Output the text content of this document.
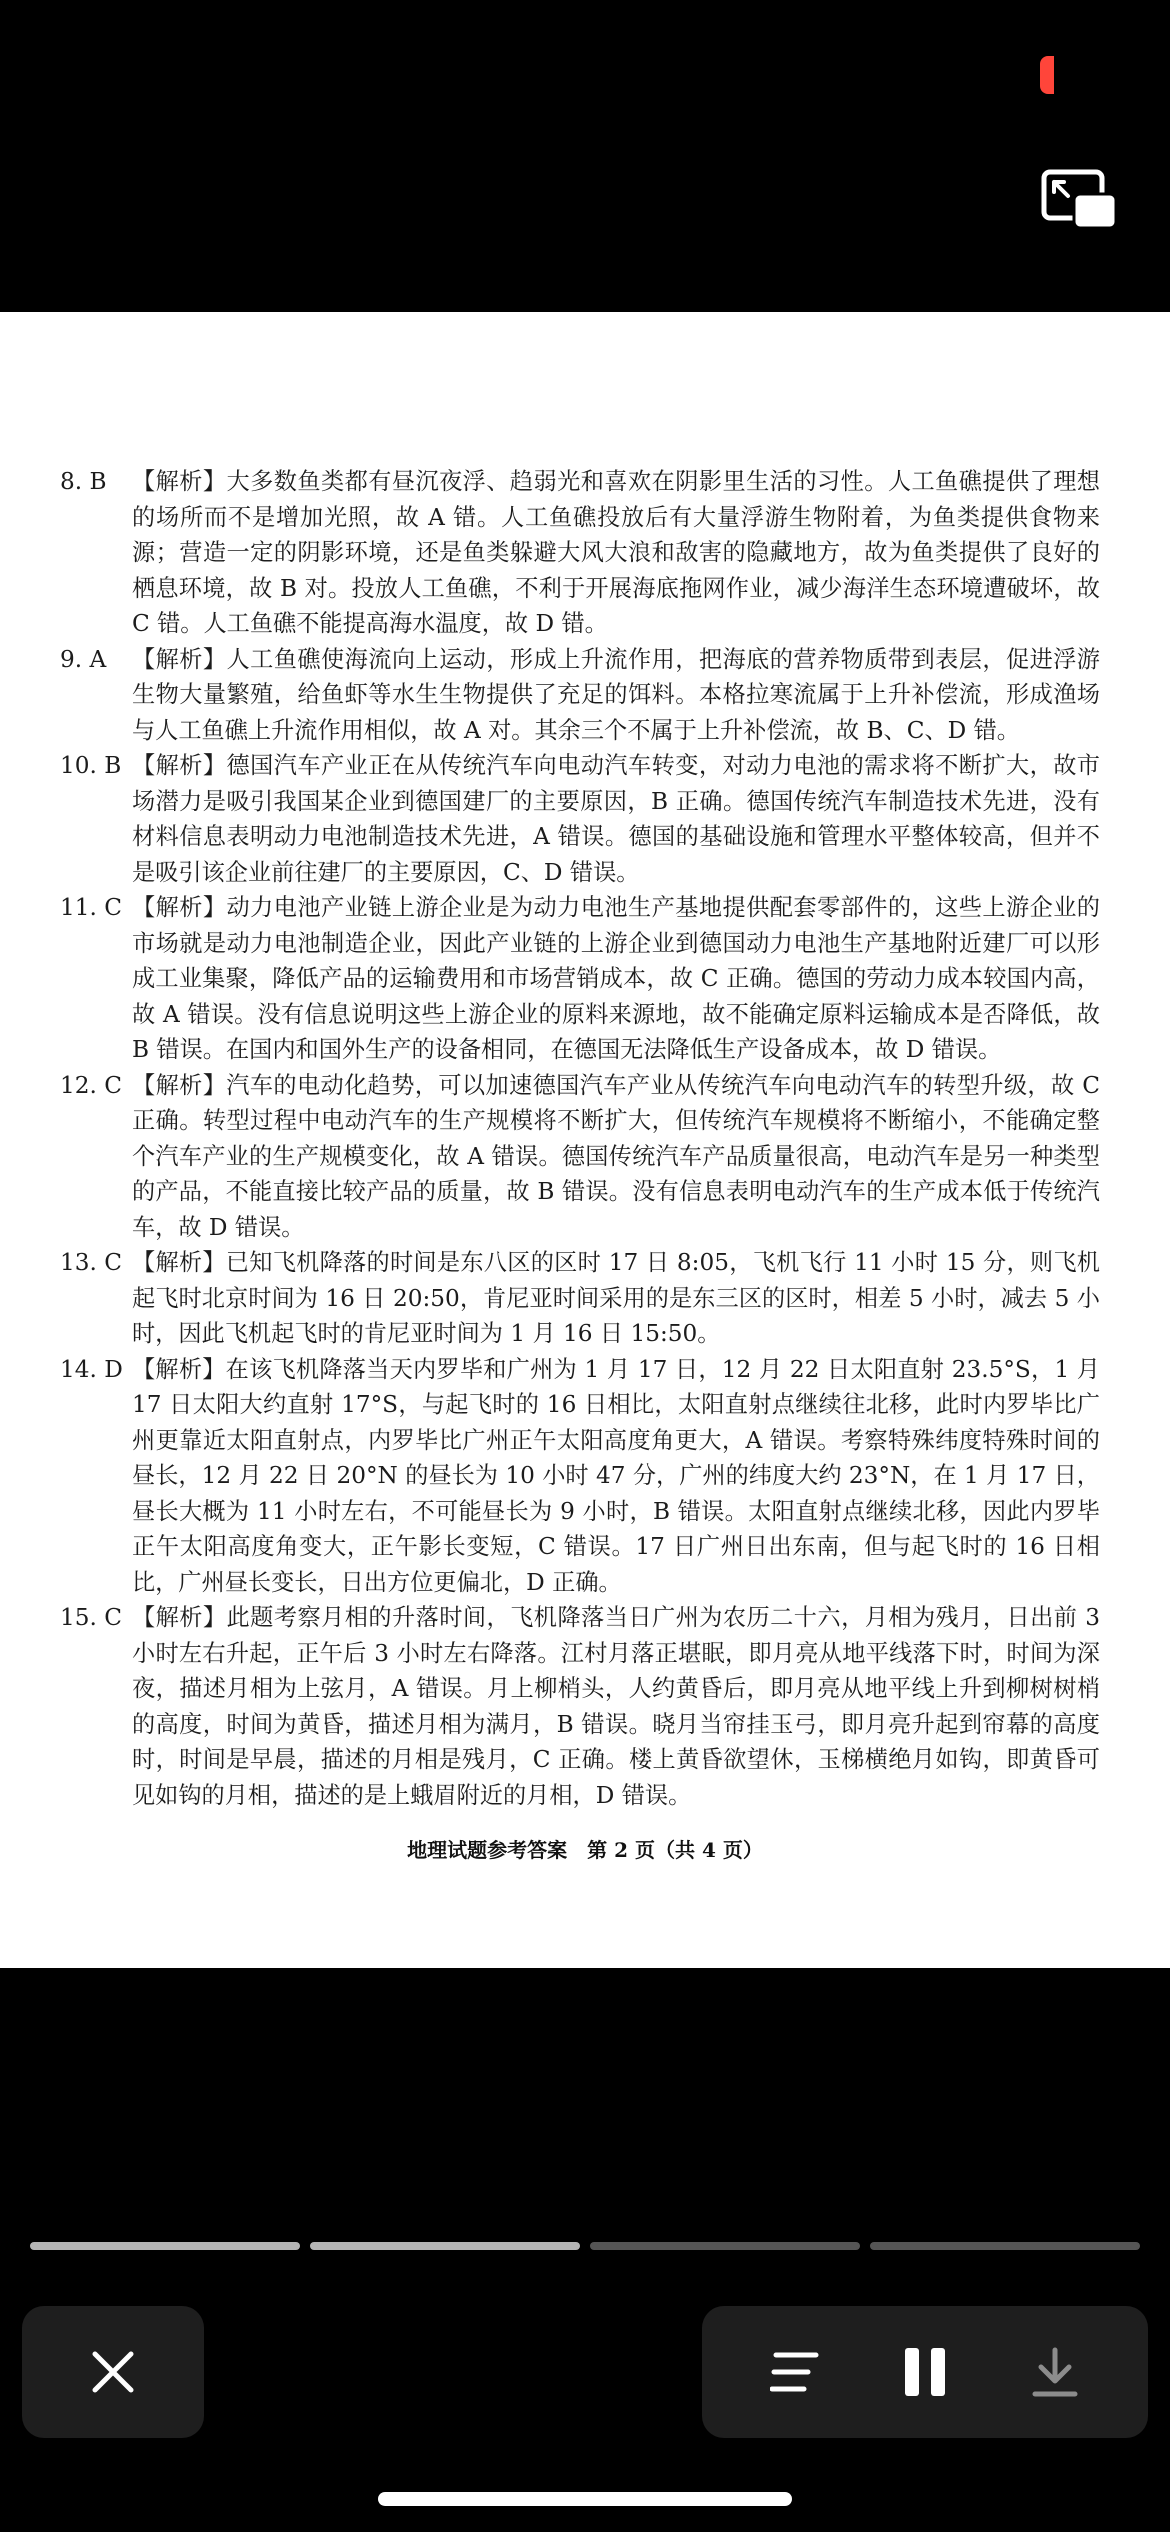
8. B	【解析】大多数鱼类都有昼沉夜浮、趋弱光和喜欢在阴影里生活的习性。人工鱼礁提供了理想的场所而不是增加光照，故 A 错。人工鱼礁投放后有大量浮游生物附着，为鱼类提供食物来源；营造一定的阴影环境，还是鱼类躲避大风大浪和敌害的隐藏地方，故为鱼类提供了良好的栖息环境，故 B 对。投放人工鱼礁，不利于开展海底拖网作业，减少海洋生态环境遭破坏，故 C 错。人工鱼礁不能提高海水温度，故 D 错。
9. A	【解析】人工鱼礁使海流向上运动，形成上升流作用，把海底的营养物质带到表层，促进浮游生物大量繁殖，给鱼虾等水生生物提供了充足的饵料。本格拉寒流属于上升补偿流，形成渔场与人工鱼礁上升流作用相似，故 A 对。其余三个不属于上升补偿流，故 B、C、D 错。
10. B 【解析】德国汽车产业正在从传统汽车向电动汽车转变，对动力电池的需求将不断扩大，故市场潜力是吸引我国某企业到德国建厂的主要原因，B 正确。德国传统汽车制造技术先进，没有材料信息表明动力电池制造技术先进，A 错误。德国的基础设施和管理水平整体较高，但并不是吸引该企业前往建厂的主要原因，C、D 错误。
11. C 【解析】动力电池产业链上游企业是为动力电池生产基地提供配套零部件的，这些上游企业的市场就是动力电池制造企业，因此产业链的上游企业到德国动力电池生产基地附近建厂可以形成工业集聚，降低产品的运输费用和市场营销成本，故 C 正确。德国的劳动力成本较国内高，故 A 错误。没有信息说明这些上游企业的原料来源地，故不能确定原料运输成本是否降低，故 B 错误。在国内和国外生产的设备相同，在德国无法降低生产设备成本，故 D 错误。
12. C 【解析】汽车的电动化趋势，可以加速德国汽车产业从传统汽车向电动汽车的转型升级，故 C 正确。转型过程中电动汽车的生产规模将不断扩大，但传统汽车规模将不断缩小，不能确定整个汽车产业的生产规模变化，故 A 错误。德国传统汽车产品质量很高，电动汽车是另一种类型的产品，不能直接比较产品的质量，故 B 错误。没有信息表明电动汽车的生产成本低于传统汽车，故 D 错误。
13. C 【解析】已知飞机降落的时间是东八区的区时 17 日 8:05，飞机飞行 11 小时 15 分，则飞机起飞时北京时间为 16 日 20:50，肯尼亚时间采用的是东三区的区时，相差 5 小时，减去 5 小时，因此飞机起飞时的肯尼亚时间为 1 月 16 日 15:50。
14. D 【解析】在该飞机降落当天内罗毕和广州为 1 月 17 日，12 月 22 日太阳直射 23.5°S，1 月 17 日太阳大约直射 17°S，与起飞时的 16 日相比，太阳直射点继续往北移，此时内罗毕比广州更靠近太阳直射点，内罗毕比广州正午太阳高度角更大，A 错误。考察特殊纬度特殊时间的昼长，12 月 22 日 20°N 的昼长为 10 小时 47 分，广州的纬度大约 23°N，在 1 月 17 日，昼长大概为 11 小时左右，不可能昼长为 9 小时，B 错误。太阳直射点继续北移，因此内罗毕正午太阳高度角变大，正午影长变短，C 错误。17 日广州日出东南，但与起飞时的 16 日相比，广州昼长变长，日出方位更偏北，D 正确。
15. C 【解析】此题考察月相的升落时间，飞机降落当日广州为农历二十六，月相为残月，日出前 3 小时左右升起，正午后 3 小时左右降落。江村月落正堪眠，即月亮从地平线落下时，时间为深夜，描述月相为上弦月，A 错误。月上柳梢头，人约黄昏后，即月亮从地平线上升到柳树树梢的高度，时间为黄昏，描述月相为满月，B 错误。晓月当帘挂玉弓，即月亮升起到帘幕的高度时，时间是早晨，描述的月相是残月，C 正确。楼上黄昏欲望休，玉梯横绝月如钩，即黄昏可见如钩的月相，描述的是上蛾眉附近的月相，D 错误。
地理试题参考答案　第 2 页（共 4 页）
